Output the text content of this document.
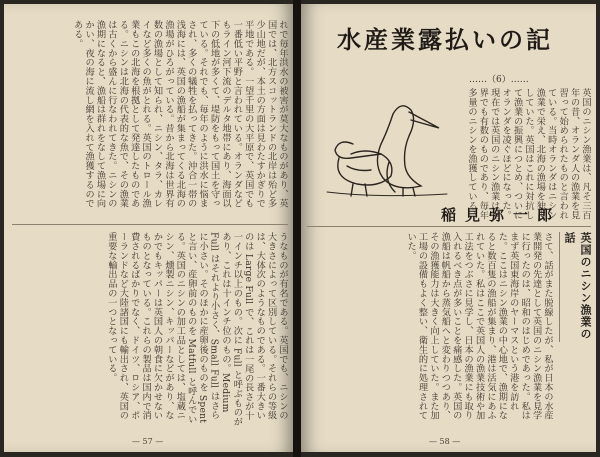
れで毎年洪水の被害が莫大なものがあり、英国では、北方スコットランドの北岸は殆ど多少山地だが、本土の方面は見わたすかぎりで平地である。一望千里の大平原で、英国でも一番低い平野と言われている。オランダなどもライン河下流のデルタ地帯にあり、海面以下の低地が多くて、堤防をもって国土を守っている。それでも、毎年のように洪水に悩まされ、多くの犠牲を払ってきた。沖合一帯の浅海には、英国の漁船が集まってくる北海の漁場がひろがっている。昔から北海は世界有数の漁場として知られ、ニシン、タラ、カレイなど多くの魚がとれる。英国のトロール漁業もこの北海を根拠として発達したものである。ニシンは北海の代表的な魚で、その漁業は古くから盛んに行なわれてきた。ニシンの漁期になると、漁船は群れをなして漁場に向かい、夜の海に流し網を入れて漁獲するのである。
うなものが有名である。英国でも、ニシンの大きさによって区別している。それらの等級は、大体次のようなものである。一番大きいのは Large Full で、これは一尾の長さが十一インチ以上のもの。次に Full と呼ぶものがあり、これは十インチ位のもの。Medium Full はそれより小さく、Small Full はさらに小さい。そのほかに産卵後のものを Spent と言い、産卵前のものを Matfull と呼んでいる。英国のニシンの加工品としては、塩蔵ニシン、燻製ニシン、キッパーなどがあり、なかでもキッパーは英国人の朝食に欠かせないものとなっている。これらの製品は国内で消費されるばかりでなく、ドイツ、ロシア、ポーランドなど大陸諸国にも輸出され、英国の重要な輸出品の一つとなっている。
— 57 —
水産業露払いの記
……（6）……
英国のニシン漁業は、凡そ三百年の昔、オランダ人の漁業を見習って始められたものと言われている。当時オランダはニシン漁業で栄え、北海の漁場を独占していた。英国はこれに対抗して漁業の振興につとめ、ついにオランダを凌ぐほどになった。現在では英国のニシン漁業は世界でも有数のものであり、毎年多量のニシンを漁獲している。
稲見弥一郎
英国のニシン漁業の話
さて、話がまた脱線したが、私が日本の水産業開発の先達として英国のニシン漁業を見学に行ったのは、昭和のはじめであった。私はまず英国東海岸のヤーマスという港を訪れた。ここはニシン漁業の中心地で、漁期になると数百隻の漁船が集まり、港は活気にあふれていた。私はここで英国人の漁業技術や加工法をつぶさに見学し、日本の漁業にも取り入れるべき点が多いことを痛感した。英国の漁船は帆船から蒸気船へと変わりつつあり、その漁獲能力は大きく向上していた。また加工場の設備もよく整い、衛生的に処理されていた。
— 58 —
